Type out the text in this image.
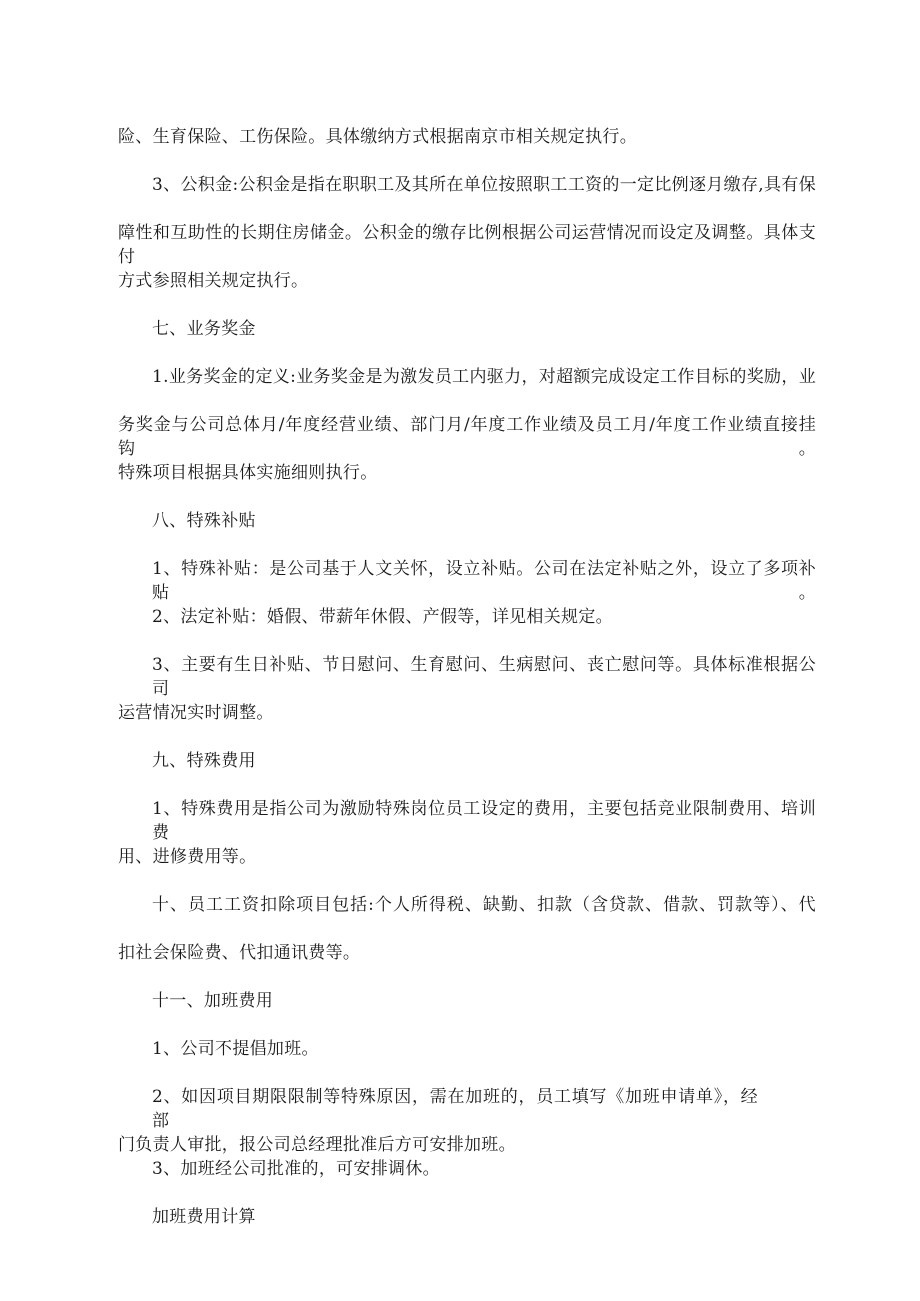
险、生育保险、工伤保险。具体缴纳方式根据南京市相关规定执行。
3、公积金:公积金是指在职职工及其所在单位按照职工工资的一定比例逐月缴存,具有保
障性和互助性的长期住房储金。公积金的缴存比例根据公司运营情况而设定及调整。具体支付
方式参照相关规定执行。
七、业务奖金
1.业务奖金的定义:业务奖金是为激发员工内驱力，对超额完成设定工作目标的奖励，业
务奖金与公司总体月/年度经营业绩、部门月/年度工作业绩及员工月/年度工作业绩直接挂钩。
特殊项目根据具体实施细则执行。
八、特殊补贴
1、特殊补贴：是公司基于人文关怀，设立补贴。公司在法定补贴之外，设立了多项补贴。
2、法定补贴：婚假、带薪年休假、产假等，详见相关规定。
3、主要有生日补贴、节日慰问、生育慰问、生病慰问、丧亡慰问等。具体标准根据公司
运营情况实时调整。
九、特殊费用
1、特殊费用是指公司为激励特殊岗位员工设定的费用，主要包括竞业限制费用、培训费
用、进修费用等。
十、员工工资扣除项目包括:个人所得税、缺勤、扣款（含贷款、借款、罚款等）、代
扣社会保险费、代扣通讯费等。
十一、加班费用
1、公司不提倡加班。
2、如因项目期限限制等特殊原因，需在加班的，员工填写《加班申请单》，经部
门负责人审批，报公司总经理批准后方可安排加班。
3、加班经公司批准的，可安排调休。
加班费用计算
